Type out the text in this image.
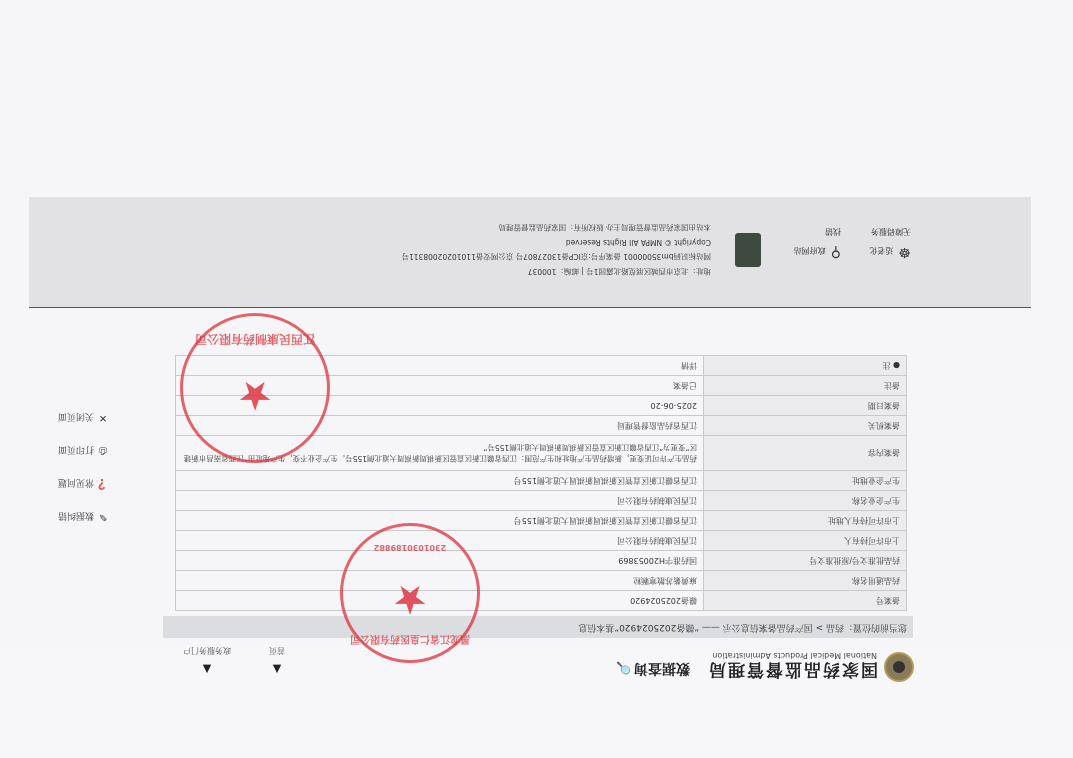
国家药品监督管理局
National Medical Products Administration
数据查询🔍
▲
首页
▲
政务服务门户
您当前的位置：药品 > 国产药品备案信息公示 —— “赣备2025024920”基本信息
备案号	赣备2025024920
药品通用名称	麻黄紫苏散寒颗粒
药品批准文号/原批准文号	国药准字H20053869
上市许可持有人	江西民康制药有限公司
上市许可持有人地址	江西省赣江新区直管区新祺周新祺周大道北侧155号
生产企业名称	江西民康制药有限公司
生产企业地址	江西省赣江新区直管区新祺周新祺周大道北侧155号
备案内容	药品生产许可证变更，新增药品生产地址和生产范围：江西省赣江新区直管区新祺周新祺周大道北侧155号。生产企业不变，生产地址由“江西省南昌市新建区”变更为“江西省赣江新区直管区新祺周新祺周大道北侧155号”
备案机关	江西省药品监督管理局
备案日期	2025-06-20
备注	已备案
● 注	详情
✎
数据纠错
❓
常见问题
⎙
打印页面
✕
关闭页面
☸ 适老化
无障碍服务
⚲ 政府网站
找错
地址：北京市西城区展览路北露园1号 | 邮编：100037
网站标识码bm35000001 备案序号:京ICP备13027807号 京公网安备11010202008311号
Copyright © NMPA All Rights Reserved
本站由国家药品监督管理局主办 版权所有：国家药品监督管理局
★
江西民康制药有限公司
★
黑龙江省仁皇医药有限公司
2301030189882
